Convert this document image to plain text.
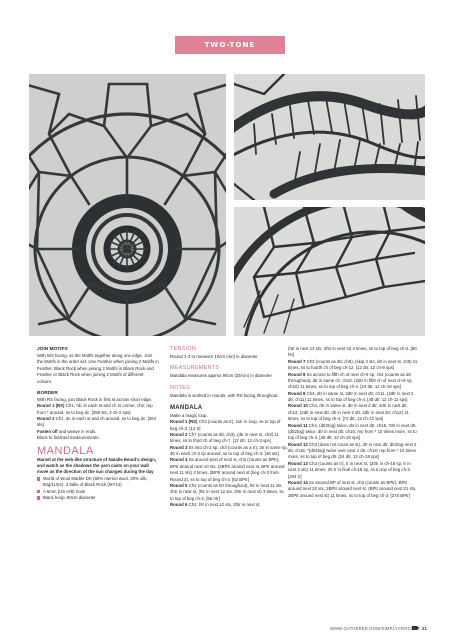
TWO-TONE COLLECTION

JOIN MOTIFS

With WS facing, ss the Motifs together along one edge. Join the Motifs in the order set. Use Feather when joining 2 Motifs in Feather, Black Rock when joining 2 Motifs in Black Rock and Feather or Black Rock when joining 2 Motifs of different colours.

BORDER

With RS facing, join Black Rock in first st across short edge.

Round 1 (RS) Ch1, *dc in each st and ch to corner, ch2; rep from * around, ss to beg dc. [356 sts, 4 ch-2 sps]

Round 2 Ch1, dc in each st and ch around, ss to beg dc. [364 sts]

Fasten off and weave in ends.

Block to finished measurements.

MANDALA

Marvel at the web-like structure of Natalie Beard's design, and watch as the shadows the yarn casts on your wall move as the direction of the sun changes during the day

World of Wool Marble DK (80% merino wool, 20% silk, 50g/110m), 3 balls of Black Rock (MY14)

A 5mm (US H/8) hook

Black hoop, 90cm diameter

TENSION

Round 1-3 to measure 10cm (4in) in diameter

MEASUREMENTS

Mandala measures approx 90cm (35½in) in diameter

NOTES

Mandala is worked in rounds, with RS facing throughout.

MANDALA

Make a magic loop.

Round 1 (RS) Ch3 (counts as tr), 11tr in loop, ss to top of beg ch-3. [12 tr]

Round 2 Ch7 (counts as dtr, ch3), (dtr in next st, ch3) 11 times, ss to third ch of beg ch-7. [12 dtr, 12 ch-3 sps]

Round 3 Ss into ch-3 sp, ch3 (counts as a tr), 3tr in same sp, 4tr in each ch-3 sp around, ss to top of beg ch-3. [48 sts]

Round 4 Ss around post of next st, ch3 (counts as BPtr), BPtr around next 10 sts, (2BPtr around next st, BPtr around next 11 sts) 3 times, 2BPtr around next st (beg ch-3 from Round 3), ss to top of beg ch-3. [52 BPtr]

Round 5 Ch2 (counts as htr throughout), htr in next 11 sts, 2htr in next st, (htr in next 12 sts, 2htr in next st) 3 times, ss to top of beg ch-2. [56 htr]

Round 6 Ch2, htr in next 12 sts, 2htr in next st,

(htr in next 13 sts, 2htr in next st) 3 times, ss to top of beg ch-2. [60 htr]

Round 7 Ch3 (counts as dtr, ch9), (skip 4 sts, dtr in next st, ch9) 11 times, ss to fourth ch of beg ch-12. [12 dtr, 12 ch-9 sps]

Round 8 Ss across to fifth ch of next ch-9 sp, ch4 (counts as dtr throughout), dtr in same ch, ch10, (2dtr in fifth ch of next ch-9 sp, ch10) 11 times, ss to top of beg ch-4. [24 dtr, 12 ch-10 sps]

Round 9 Ch4, dtr in same st, 2dtr in next dtr, ch11, (2dtr in next 2 dtr, ch11) 11 times, ss to top of beg ch-4. [48 dtr, 12 ch-11 sps]

Round 10 Ch4, dtr in same st, dtr in next 2 dtr, 2dtr in next dtr, ch12, (2dtr in next dtr, dtr in next 2 dtr, 2dtr in next dtr, ch12) 11 times, ss to top of beg ch-4. [72 dtr, 12 ch-12 sps]

Round 11 Ch4, (dtr2tog) twice, dtr in next dtr, ch15, *dtr in next dtr, (dtr2tog) twice, dtr in next dtr, ch15; rep from * 10 times more, ss to top of beg ch-4. [48 dtr, 12 ch-15 sps]

Round 12 Ch3 (does not count as st), dtr in next dtr, dtr2tog next 2 dtr, ch18, *(dtr2tog) twice over next 4 dtr, ch18; rep from * 10 times more, ss to top of beg dtr. [24 dtr, 12 ch-18 sps]

Round 13 Ch3 (counts as tr), tr in next st, (20tr in ch-18 sp, tr in next 2 sts) 11 times, 20 tr in final ch-18 sp, ss to top of beg ch-3. [264 tr]

Round 14 Ss around BP of next st, ch3 (counts as BPtr), BPtr around next 20 sts, 2BPtr around next st, (BPtr around next 21 sts, 2BPtr around next st) 11 times, ss to top of beg ch-3. [276 BPtr]

WWW.GATHERED.HOW/SIMPLYCROCHET 21
